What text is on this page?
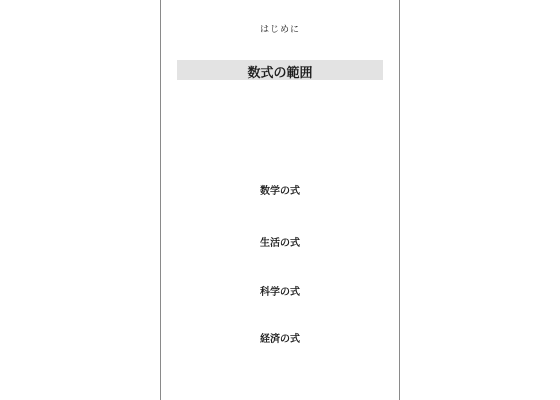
はじめに
数式の範囲
数学の式
生活の式
科学の式
経済の式
